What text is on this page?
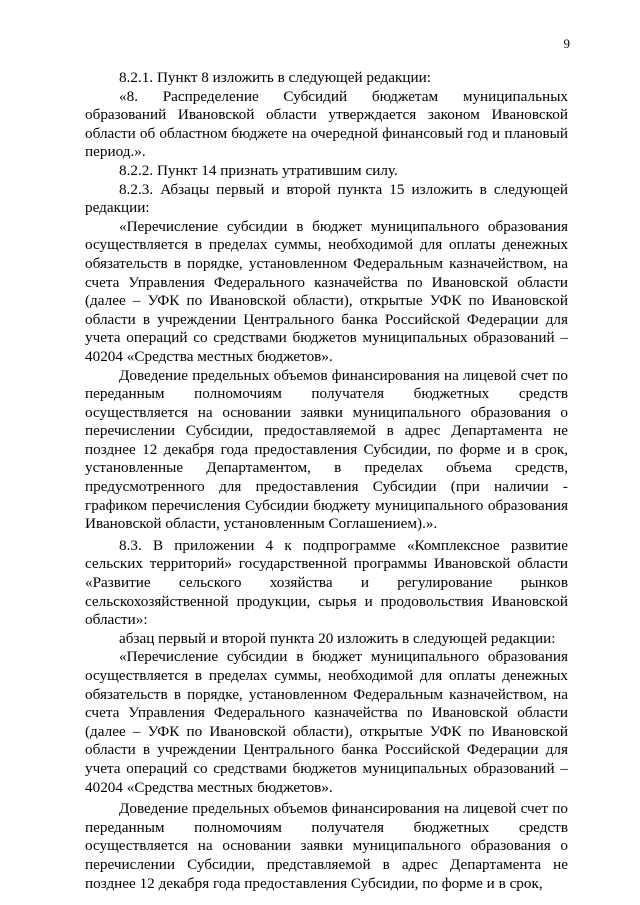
9

8.2.1. Пункт 8 изложить в следующей редакции:

«8. Распределение Субсидий бюджетам муниципальных образований Ивановской области утверждается законом Ивановской области об областном бюджете на очередной финансовый год и плановый период.».

8.2.2. Пункт 14 признать утратившим силу.

8.2.3. Абзацы первый и второй пункта 15 изложить в следующей редакции:

«Перечисление субсидии в бюджет муниципального образования осуществляется в пределах суммы, необходимой для оплаты денежных обязательств в порядке, установленном Федеральным казначейством, на счета Управления Федерального казначейства по Ивановской области (далее – УФК по Ивановской области), открытые УФК по Ивановской области в учреждении Центрального банка Российской Федерации для учета операций со средствами бюджетов муниципальных образований – 40204 «Средства местных бюджетов».

Доведение предельных объемов финансирования на лицевой счет по переданным полномочиям получателя бюджетных средств осуществляется на основании заявки муниципального образования о перечислении Субсидии, предоставляемой в адрес Департамента не позднее 12 декабря года предоставления Субсидии, по форме и в срок, установленные Департаментом, в пределах объема средств, предусмотренного для предоставления Субсидии (при наличии - графиком перечисления Субсидии бюджету муниципального образования Ивановской области, установленным Соглашением).».

8.3. В приложении 4 к подпрограмме «Комплексное развитие сельских территорий» государственной программы Ивановской области «Развитие сельского хозяйства и регулирование рынков сельскохозяйственной продукции, сырья и продовольствия Ивановской области»:

абзац первый и второй пункта 20 изложить в следующей редакции:

«Перечисление субсидии в бюджет муниципального образования осуществляется в пределах суммы, необходимой для оплаты денежных обязательств в порядке, установленном Федеральным казначейством, на счета Управления Федерального казначейства по Ивановской области (далее – УФК по Ивановской области), открытые УФК по Ивановской области в учреждении Центрального банка Российской Федерации для учета операций со средствами бюджетов муниципальных образований – 40204 «Средства местных бюджетов».

Доведение предельных объемов финансирования на лицевой счет по переданным полномочиям получателя бюджетных средств осуществляется на основании заявки муниципального образования о перечислении Субсидии, представляемой в адрес Департамента не позднее 12 декабря года предоставления Субсидии, по форме и в срок,
